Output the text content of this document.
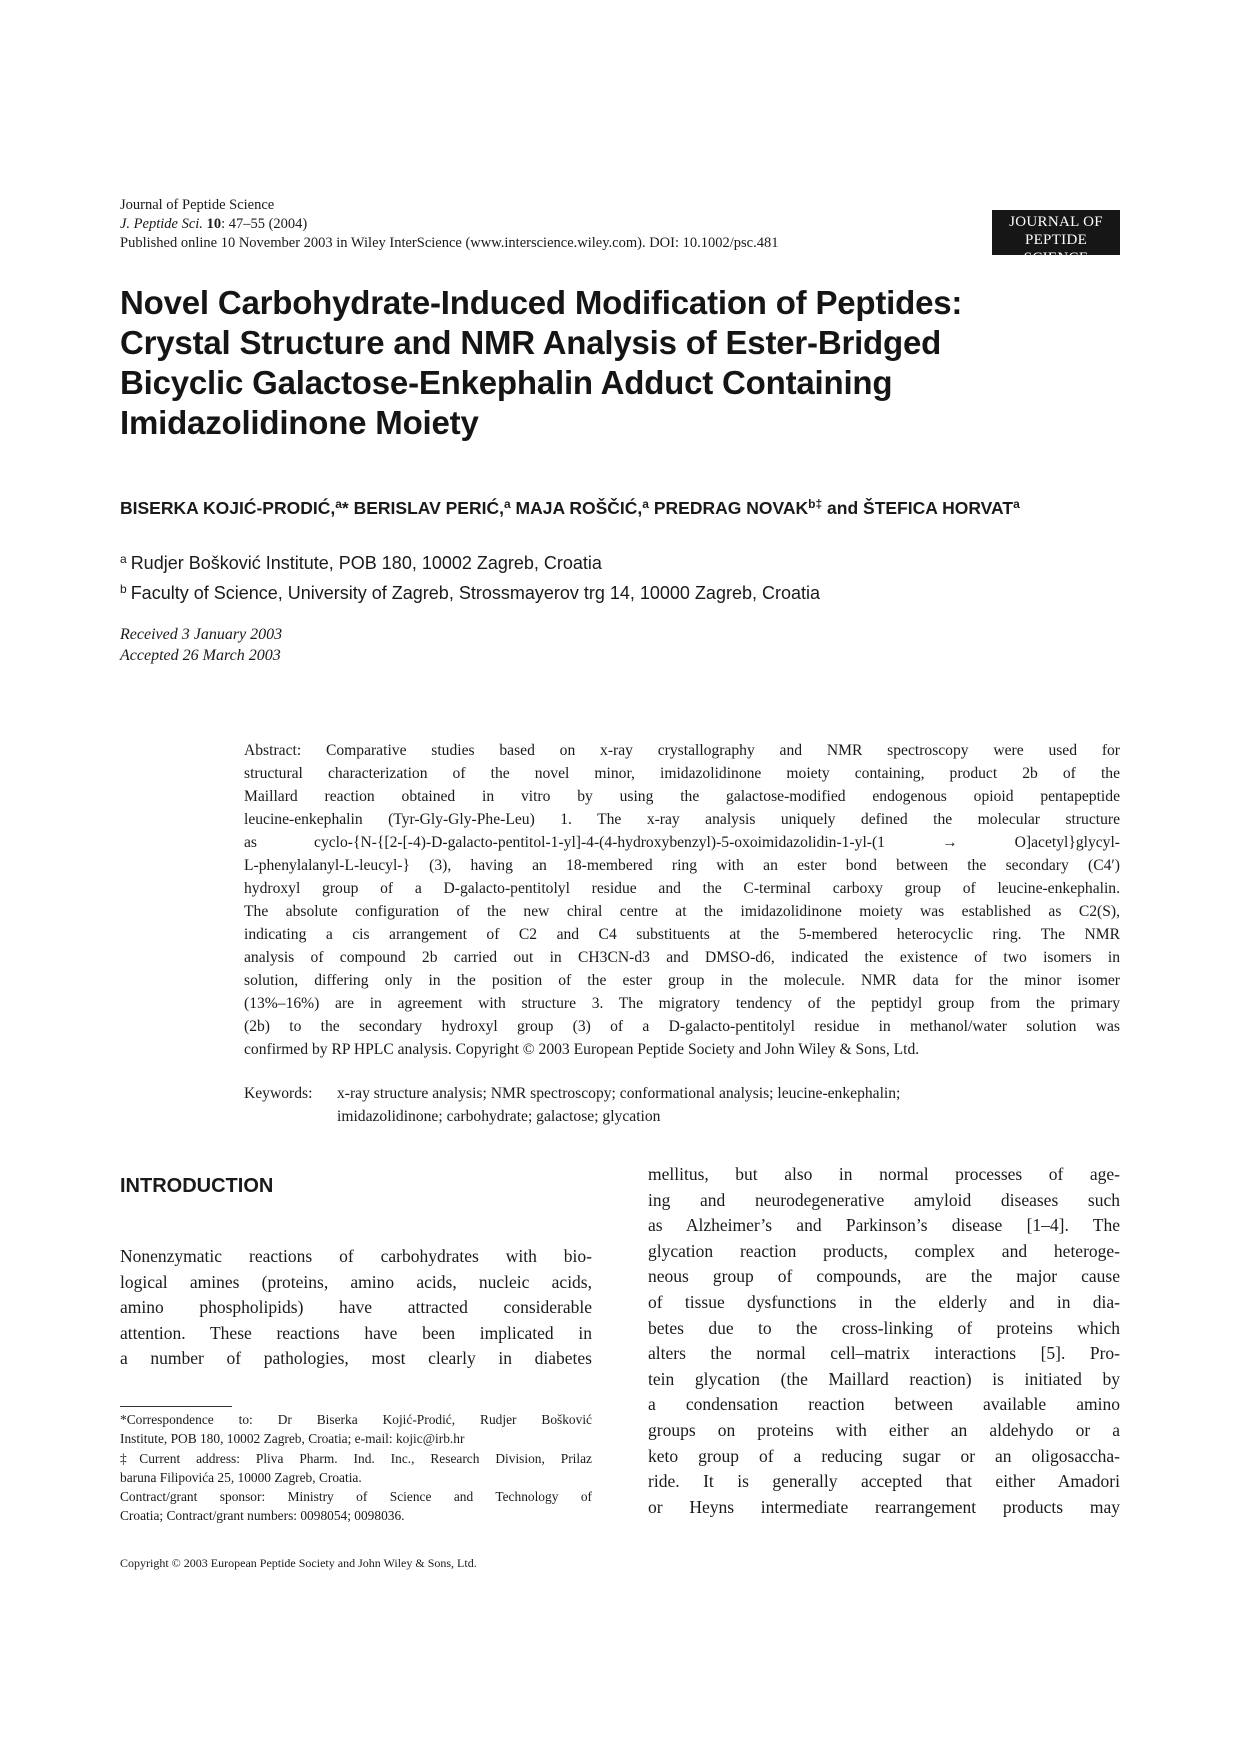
Journal of Peptide Science
J. Peptide Sci. 10: 47–55 (2004)
Published online 10 November 2003 in Wiley InterScience (www.interscience.wiley.com). DOI: 10.1002/psc.481
JOURNAL OF
PEPTIDE SCIENCE
Novel Carbohydrate-Induced Modification of Peptides:
Crystal Structure and NMR Analysis of Ester-Bridged
Bicyclic Galactose-Enkephalin Adduct Containing
Imidazolidinone Moiety
BISERKA KOJIĆ-PRODIĆ,$^a$* BERISLAV PERIĆ,$^a$ MAJA ROŠČIĆ,$^a$ PREDRAG $NOVAK^{b\ddagger}$ and ŠTEFICA HORVAT$^a$
$^a$ Rudjer Bošković Institute, POB 180, 10002 Zagreb, Croatia
$^b$ Faculty of Science, University of Zagreb, Strossmayerov trg 14, 10000 Zagreb, Croatia
Received 3 January 2003
Accepted 26 March 2003
Abstract: Comparative studies based on x-ray crystallography and NMR spectroscopy were used for
structural characterization of the novel minor, imidazolidinone moiety containing, product 2b of the
Maillard reaction obtained in vitro by using the galactose-modified endogenous opioid pentapeptide
leucine-enkephalin (Tyr-Gly-Gly-Phe-Leu) 1. The x-ray analysis uniquely defined the molecular structure
as cyclo-{N-{[2-[-4)-D-galacto-pentitol-1-yl]-4-(4-hydroxybenzyl)-5-oxoimidazolidin-1-yl-(1 → O]acetyl}glycyl-
L-phenylalanyl-L-leucyl-} (3), having an 18-membered ring with an ester bond between the secondary (C4′)
hydroxyl group of a D-galacto-pentitolyl residue and the C-terminal carboxy group of leucine-enkephalin.
The absolute configuration of the new chiral centre at the imidazolidinone moiety was established as C2(S),
indicating a cis arrangement of C2 and C4 substituents at the 5-membered heterocyclic ring. The NMR
analysis of compound 2b carried out in CH3CN-d3 and DMSO-d6, indicated the existence of two isomers in
solution, differing only in the position of the ester group in the molecule. NMR data for the minor isomer
(13%–16%) are in agreement with structure 3. The migratory tendency of the peptidyl group from the primary
(2b) to the secondary hydroxyl group (3) of a D-galacto-pentitolyl residue in methanol/water solution was
confirmed by RP HPLC analysis. Copyright © 2003 European Peptide Society and John Wiley & Sons, Ltd.
Keywords: x-ray structure analysis; NMR spectroscopy; conformational analysis; leucine-enkephalin;
imidazolidinone; carbohydrate; galactose; glycation
INTRODUCTION
Nonenzymatic reactions of carbohydrates with bio-
logical amines (proteins, amino acids, nucleic acids,
amino phospholipids) have attracted considerable
attention. These reactions have been implicated in
a number of pathologies, most clearly in diabetes
mellitus, but also in normal processes of age-
ing and neurodegenerative amyloid diseases such
as Alzheimer’s and Parkinson’s disease [1–4]. The
glycation reaction products, complex and heteroge-
neous group of compounds, are the major cause
of tissue dysfunctions in the elderly and in dia-
betes due to the cross-linking of proteins which
alters the normal cell–matrix interactions [5]. Pro-
tein glycation (the Maillard reaction) is initiated by
a condensation reaction between available amino
groups on proteins with either an aldehydo or a
keto group of a reducing sugar or an oligosaccha-
ride. It is generally accepted that either Amadori
or Heyns intermediate rearrangement products may
*Correspondence to: Dr Biserka Kojić-Prodić, Rudjer Bošković
Institute, POB 180, 10002 Zagreb, Croatia; e-mail: kojic@irb.hr
‡Current address: Pliva Pharm. Ind. Inc., Research Division, Prilaz
baruna Filipovića 25, 10000 Zagreb, Croatia.
Contract/grant sponsor: Ministry of Science and Technology of
Croatia; Contract/grant numbers: 0098054; 0098036.
Copyright © 2003 European Peptide Society and John Wiley & Sons, Ltd.
